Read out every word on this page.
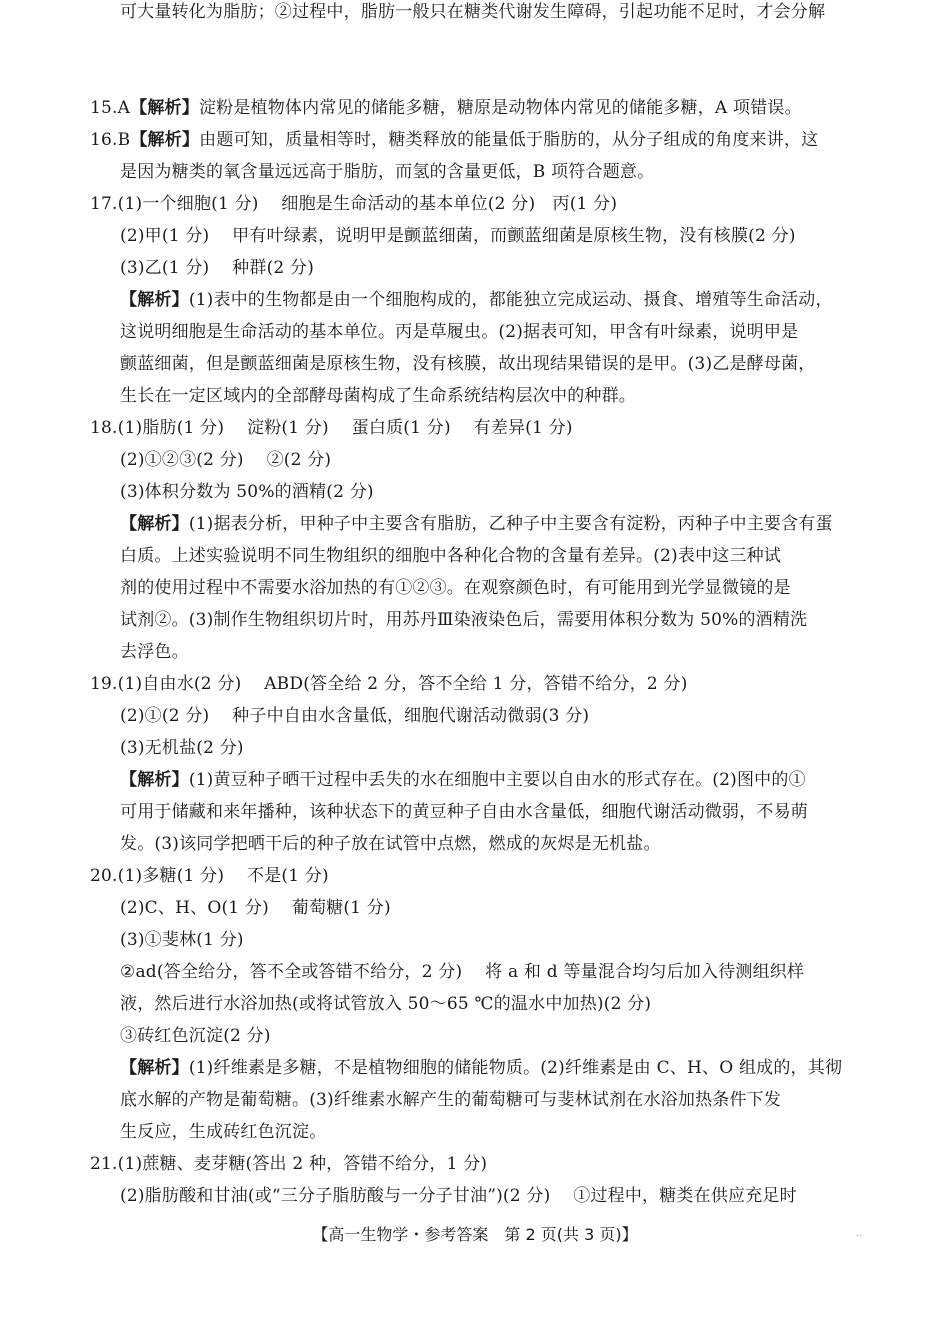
15.A【解析】淀粉是植物体内常见的储能多糖，糖原是动物体内常见的储能多糖，A 项错误。
16.B【解析】由题可知，质量相等时，糖类释放的能量低于脂肪的，从分子组成的角度来讲，这
是因为糖类的氧含量远远高于脂肪，而氢的含量更低，B 项符合题意。
17.(1)一个细胞(1 分)　 细胞是生命活动的基本单位(2 分)　丙(1 分)
(2)甲(1 分)　 甲有叶绿素，说明甲是颤蓝细菌，而颤蓝细菌是原核生物，没有核膜(2 分)
(3)乙(1 分)　 种群(2 分)
【解析】(1)表中的生物都是由一个细胞构成的，都能独立完成运动、摄食、增殖等生命活动，
这说明细胞是生命活动的基本单位。丙是草履虫。(2)据表可知，甲含有叶绿素，说明甲是
颤蓝细菌，但是颤蓝细菌是原核生物，没有核膜，故出现结果错误的是甲。(3)乙是酵母菌，
生长在一定区域内的全部酵母菌构成了生命系统结构层次中的种群。
18.(1)脂肪(1 分)　 淀粉(1 分)　 蛋白质(1 分)　 有差异(1 分)
(2)①②③(2 分)　 ②(2 分)
(3)体积分数为 50%的酒精(2 分)
【解析】(1)据表分析，甲种子中主要含有脂肪，乙种子中主要含有淀粉，丙种子中主要含有蛋
白质。上述实验说明不同生物组织的细胞中各种化合物的含量有差异。(2)表中这三种试
剂的使用过程中不需要水浴加热的有①②③。在观察颜色时，有可能用到光学显微镜的是
试剂②。(3)制作生物组织切片时，用苏丹Ⅲ染液染色后，需要用体积分数为 50%的酒精洗
去浮色。
19.(1)自由水(2 分)　 ABD(答全给 2 分，答不全给 1 分，答错不给分，2 分)
(2)①(2 分)　 种子中自由水含量低，细胞代谢活动微弱(3 分)
(3)无机盐(2 分)
【解析】(1)黄豆种子晒干过程中丢失的水在细胞中主要以自由水的形式存在。(2)图中的①
可用于储藏和来年播种，该种状态下的黄豆种子自由水含量低，细胞代谢活动微弱，不易萌
发。(3)该同学把晒干后的种子放在试管中点燃，燃成的灰烬是无机盐。
20.(1)多糖(1 分)　 不是(1 分)
(2)C、H、O(1 分)　 葡萄糖(1 分)
(3)①斐林(1 分)
②ad(答全给分，答不全或答错不给分，2 分)　 将 a 和 d 等量混合均匀后加入待测组织样
液，然后进行水浴加热(或将试管放入 50～65 ℃的温水中加热)(2 分)
③砖红色沉淀(2 分)
【解析】(1)纤维素是多糖，不是植物细胞的储能物质。(2)纤维素是由 C、H、O 组成的，其彻
底水解的产物是葡萄糖。(3)纤维素水解产生的葡萄糖可与斐林试剂在水浴加热条件下发
生反应，生成砖红色沉淀。
21.(1)蔗糖、麦芽糖(答出 2 种，答错不给分，1 分)
(2)脂肪酸和甘油(或“三分子脂肪酸与一分子甘油”)(2 分)　 ①过程中，糖类在供应充足时
可大量转化为脂肪；②过程中，脂肪一般只在糖类代谢发生障碍，引起功能不足时，才会分解
【高一生物学・参考答案　第 2 页(共 3 页)】	..
